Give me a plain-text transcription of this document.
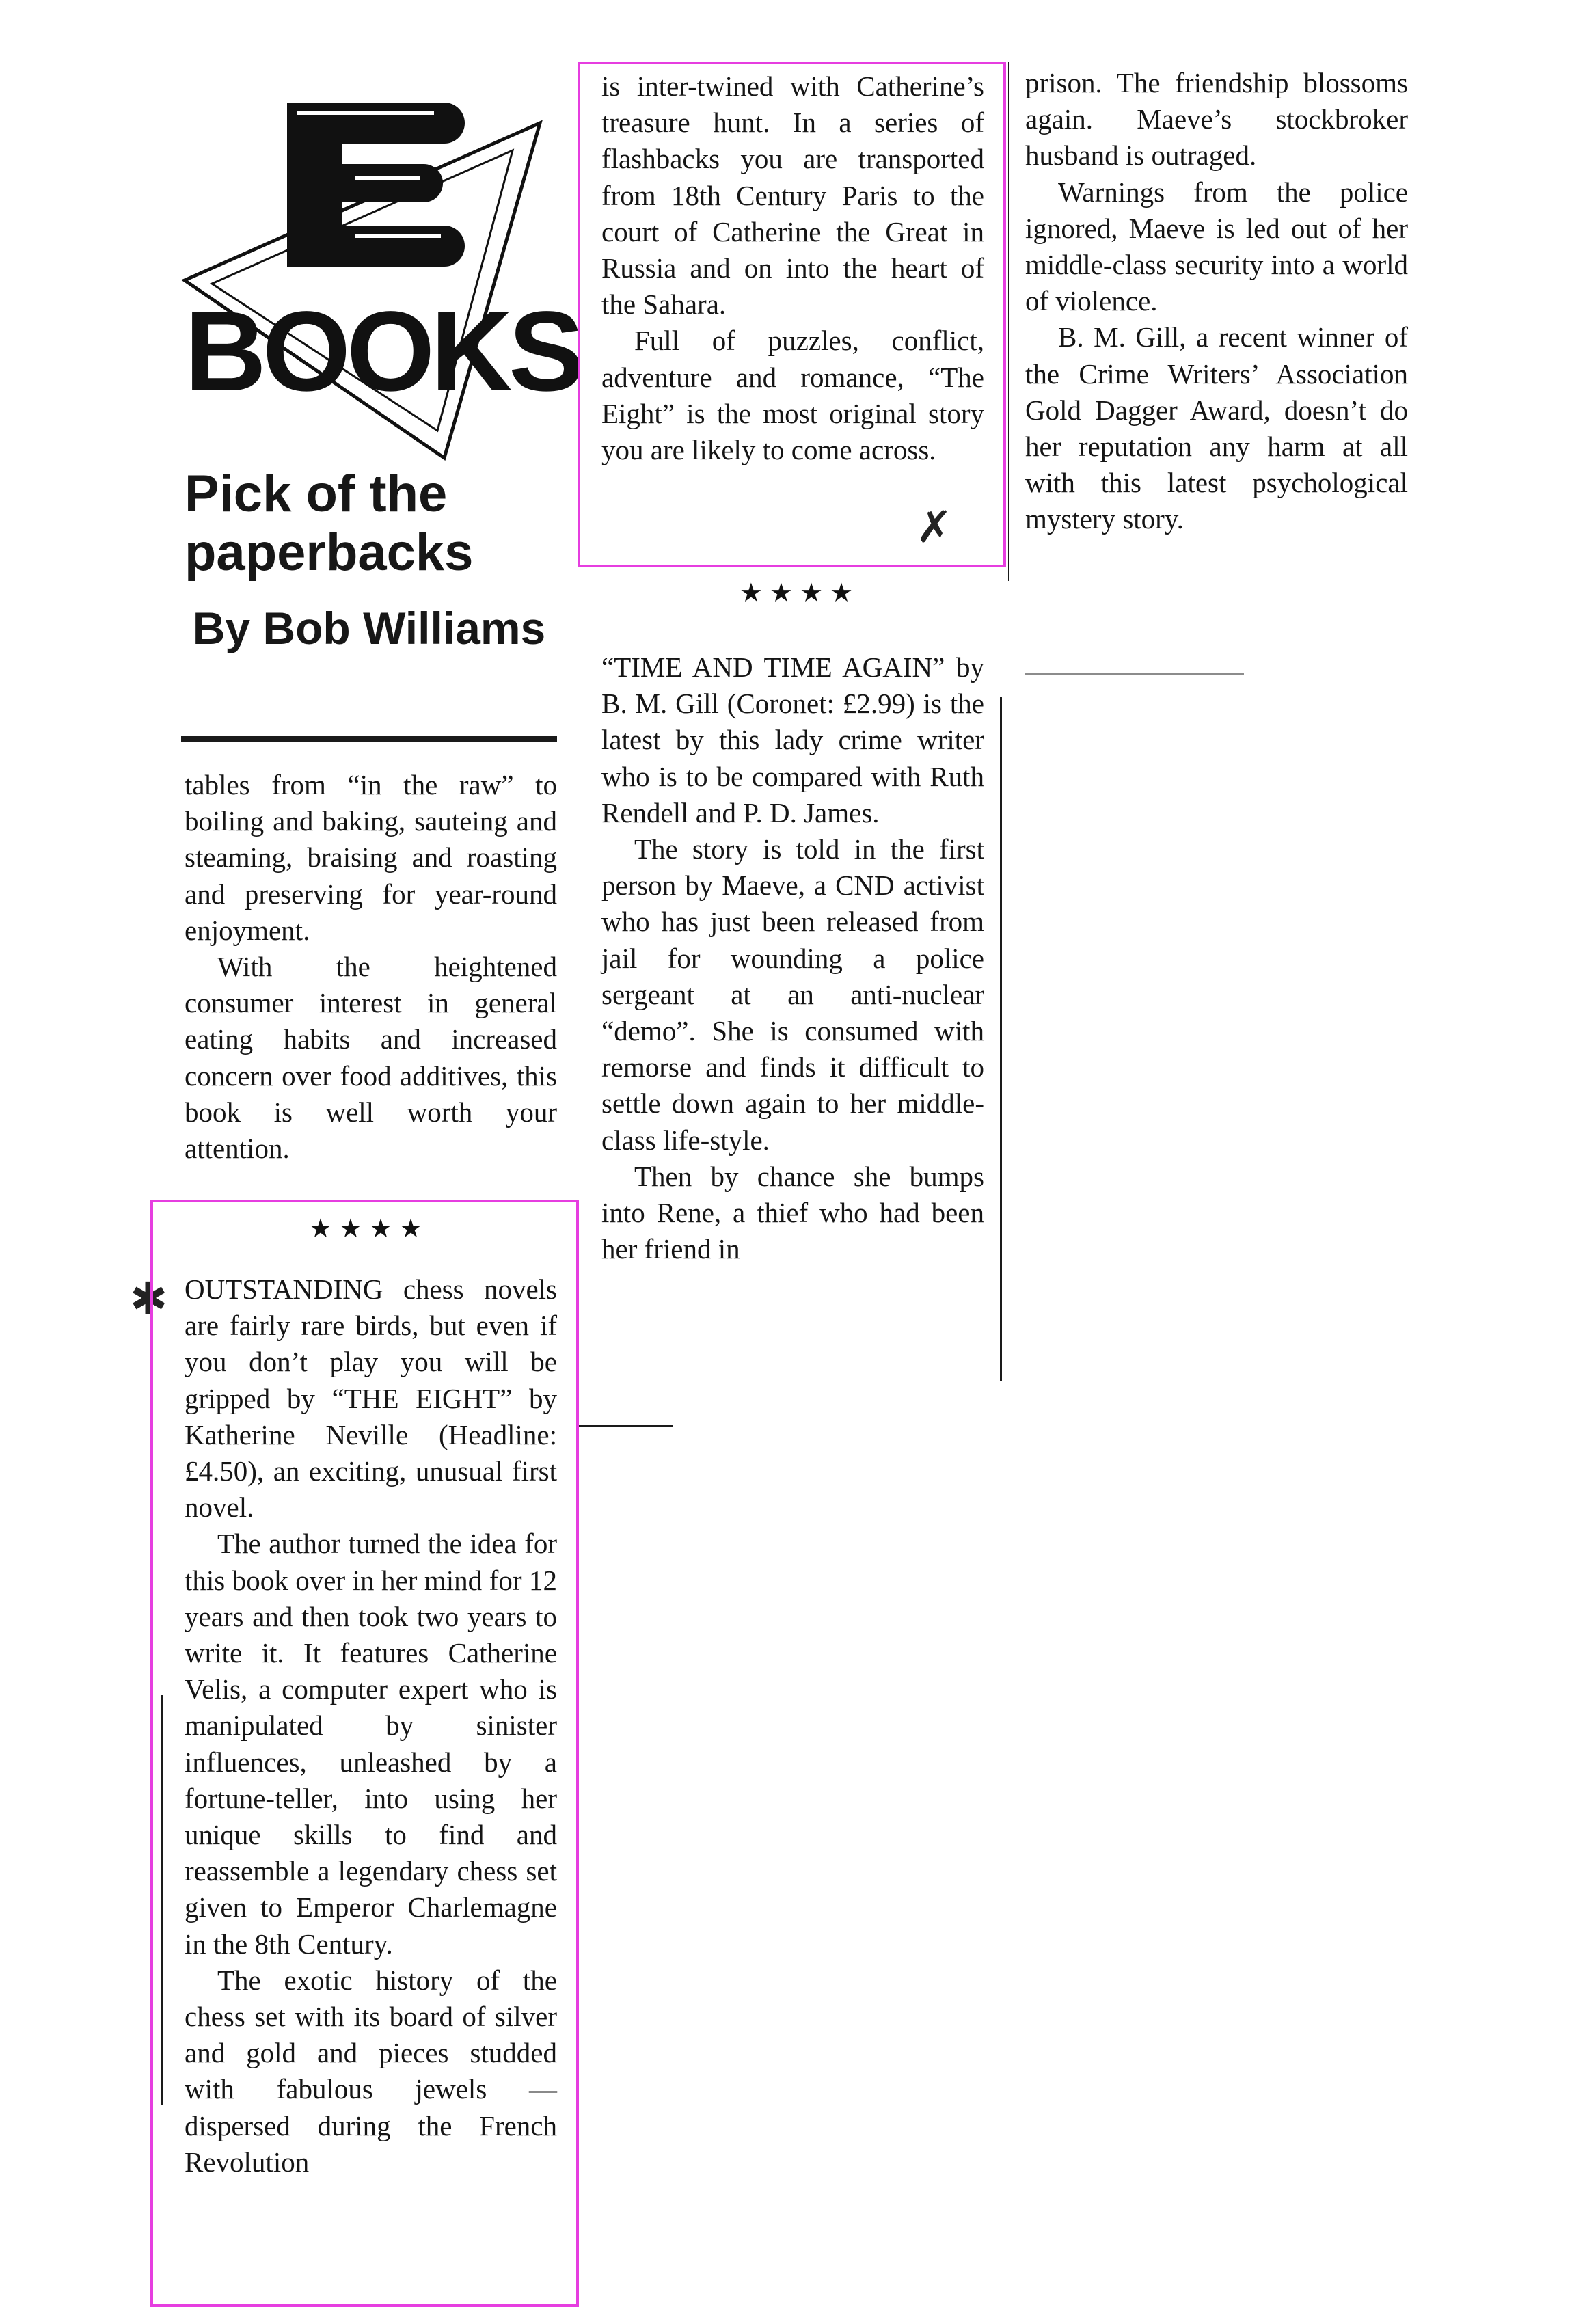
BOOKS
Pick of the paperbacks
By Bob Williams

tables from “in the raw” to boiling and baking, sauteing and steaming, braising and roasting and preserving for year-round enjoyment.

With the heightened consumer interest in general eating habits and increased concern over food additives, this book is well worth your attention.

★★★★

OUTSTANDING chess novels are fairly rare birds, but even if you don’t play you will be gripped by “THE EIGHT” by Katherine Neville (Headline: £4.50), an exciting, unusual first novel.

The author turned the idea for this book over in her mind for 12 years and then took two years to write it. It features Catherine Velis, a computer expert who is manipulated by sinister influences, unleashed by a fortune-teller, into using her unique skills to find and reassemble a legendary chess set given to Emperor Charlemagne in the 8th Century.

The exotic history of the chess set with its board of silver and gold and pieces studded with fabulous jewels — dispersed during the French Revolution

is inter-twined with Catherine’s treasure hunt. In a series of flashbacks you are transported from 18th Century Paris to the court of Catherine the Great in Russia and on into the heart of the Sahara.

Full of puzzles, conflict, adventure and romance, “The Eight” is the most original story you are likely to come across.

★★★★

“TIME AND TIME AGAIN” by B. M. Gill (Coronet: £2.99) is the latest by this lady crime writer who is to be compared with Ruth Rendell and P. D. James.

The story is told in the first person by Maeve, a CND activist who has just been released from jail for wounding a police sergeant at an anti-nuclear “demo”. She is consumed with remorse and finds it difficult to settle down again to her middle-class life-style.

Then by chance she bumps into Rene, a thief who had been her friend in

prison. The friendship blossoms again. Maeve’s stockbroker husband is outraged.

Warnings from the police ignored, Maeve is led out of her middle-class security into a world of violence.

B. M. Gill, a recent winner of the Crime Writers’ Association Gold Dagger Award, doesn’t do her reputation any harm at all with this latest psychological mystery story.

✱
✗
